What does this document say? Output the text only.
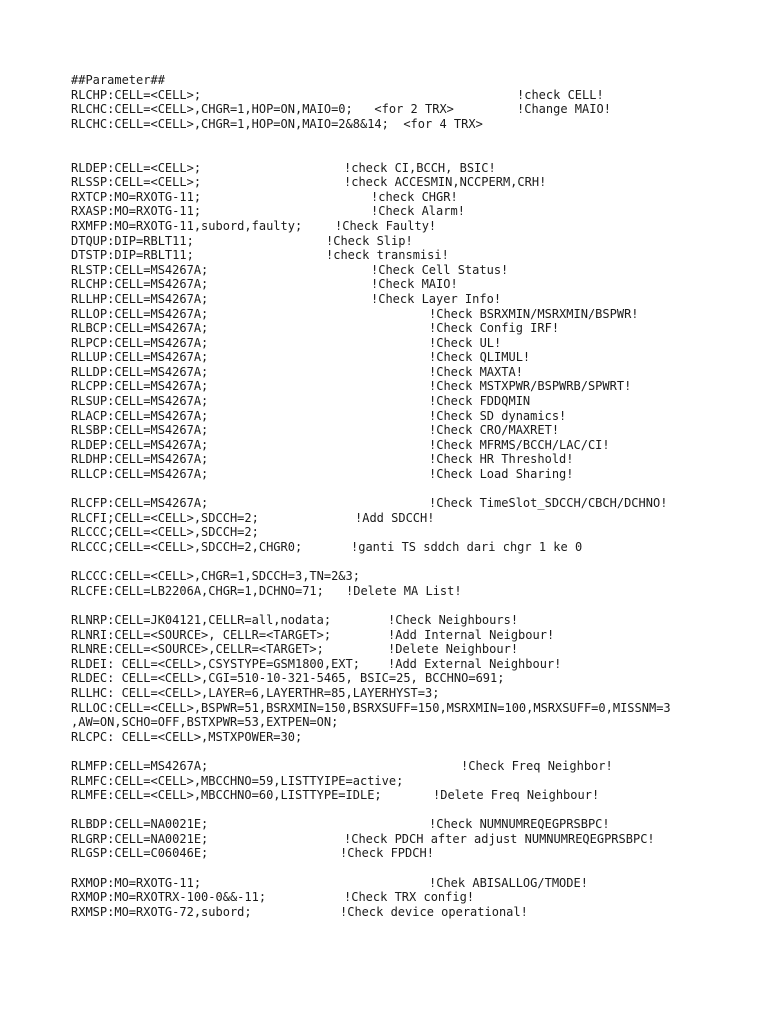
##Parameter##
RLCHP:CELL=<CELL>;	!check CELL!
RLCHC:CELL=<CELL>,CHGR=1,HOP=ON,MAIO=0;   <for 2 TRX>	!Change MAIO!
RLCHC:CELL=<CELL>,CHGR=1,HOP=ON,MAIO=2&8&14;  <for 4 TRX>
RLDEP:CELL=<CELL>;	!check CI,BCCH, BSIC!
RLSSP:CELL=<CELL>;	!check ACCESMIN,NCCPERM,CRH!
RXTCP:MO=RXOTG-11;	!check CHGR!
RXASP:MO=RXOTG-11;	!Check Alarm!
RXMFP:MO=RXOTG-11,subord,faulty;	!Check Faulty!
DTQUP:DIP=RBLT11;	!Check Slip!
DTSTP:DIP=RBLT11;	!check transmisi!
RLSTP:CELL=MS4267A;	!Check Cell Status!
RLCHP:CELL=MS4267A;	!Check MAIO!
RLLHP:CELL=MS4267A;	!Check Layer Info!
RLLOP:CELL=MS4267A;	!Check BSRXMIN/MSRXMIN/BSPWR!
RLBCP:CELL=MS4267A;	!Check Config IRF!
RLPCP:CELL=MS4267A;	!Check UL!
RLLUP:CELL=MS4267A;	!Check QLIMUL!
RLLDP:CELL=MS4267A;	!Check MAXTA!
RLCPP:CELL=MS4267A;	!Check MSTXPWR/BSPWRB/SPWRT!
RLSUP:CELL=MS4267A;	!Check FDDQMIN
RLACP:CELL=MS4267A;	!Check SD dynamics!
RLSBP:CELL=MS4267A;	!Check CRO/MAXRET!
RLDEP:CELL=MS4267A;	!Check MFRMS/BCCH/LAC/CI!
RLDHP:CELL=MS4267A;	!Check HR Threshold!
RLLCP:CELL=MS4267A;	!Check Load Sharing!
RLCFP:CELL=MS4267A;	!Check TimeSlot_SDCCH/CBCH/DCHNO!
RLCFI;CELL=<CELL>,SDCCH=2;	!Add SDCCH!
RLCCC;CELL=<CELL>,SDCCH=2;
RLCCC;CELL=<CELL>,SDCCH=2,CHGR0;	!ganti TS sddch dari chgr 1 ke 0
RLCCC:CELL=<CELL>,CHGR=1,SDCCH=3,TN=2&3;
RLCFE:CELL=LB2206A,CHGR=1,DCHNO=71; !Delete MA List!
RLNRP:CELL=JK04121,CELLR=all,nodata;	!Check Neighbours!
RLNRI:CELL=<SOURCE>, CELLR=<TARGET>;	!Add Internal Neigbour!
RLNRE:CELL=<SOURCE>,CELLR=<TARGET>;	!Delete Neighbour!
RLDEI: CELL=<CELL>,CSYSTYPE=GSM1800,EXT; !Add External Neighbour!
RLDEC: CELL=<CELL>,CGI=510-10-321-5465, BSIC=25, BCCHNO=691;
RLLHC: CELL=<CELL>,LAYER=6,LAYERTHR=85,LAYERHYST=3;
RLLOC:CELL=<CELL>,BSPWR=51,BSRXMIN=150,BSRXSUFF=150,MSRXMIN=100,MSRXSUFF=0,MISSNM=3
,AW=ON,SCHO=OFF,BSTXPWR=53,EXTPEN=ON;
RLCPC: CELL=<CELL>,MSTXPOWER=30;
RLMFP:CELL=MS4267A;	!Check Freq Neighbor!
RLMFC:CELL=<CELL>,MBCCHNO=59,LISTTYIPE=active;
RLMFE:CELL=<CELL>,MBCCHNO=60,LISTTYPE=IDLE;	!Delete Freq Neighbour!
RLBDP:CELL=NA0021E;	!Check NUMNUMREQEGPRSBPC!
RLGRP:CELL=NA0021E;	!Check PDCH after adjust NUMNUMREQEGPRSBPC!
RLGSP:CELL=C06046E;	!Check FPDCH!
RXMOP:MO=RXOTG-11;	!Chek ABISALLOG/TMODE!
RXMOP:MO=RXOTRX-100-0&&-11;	!Check TRX config!
RXMSP:MO=RXOTG-72,subord;	!Check device operational!
